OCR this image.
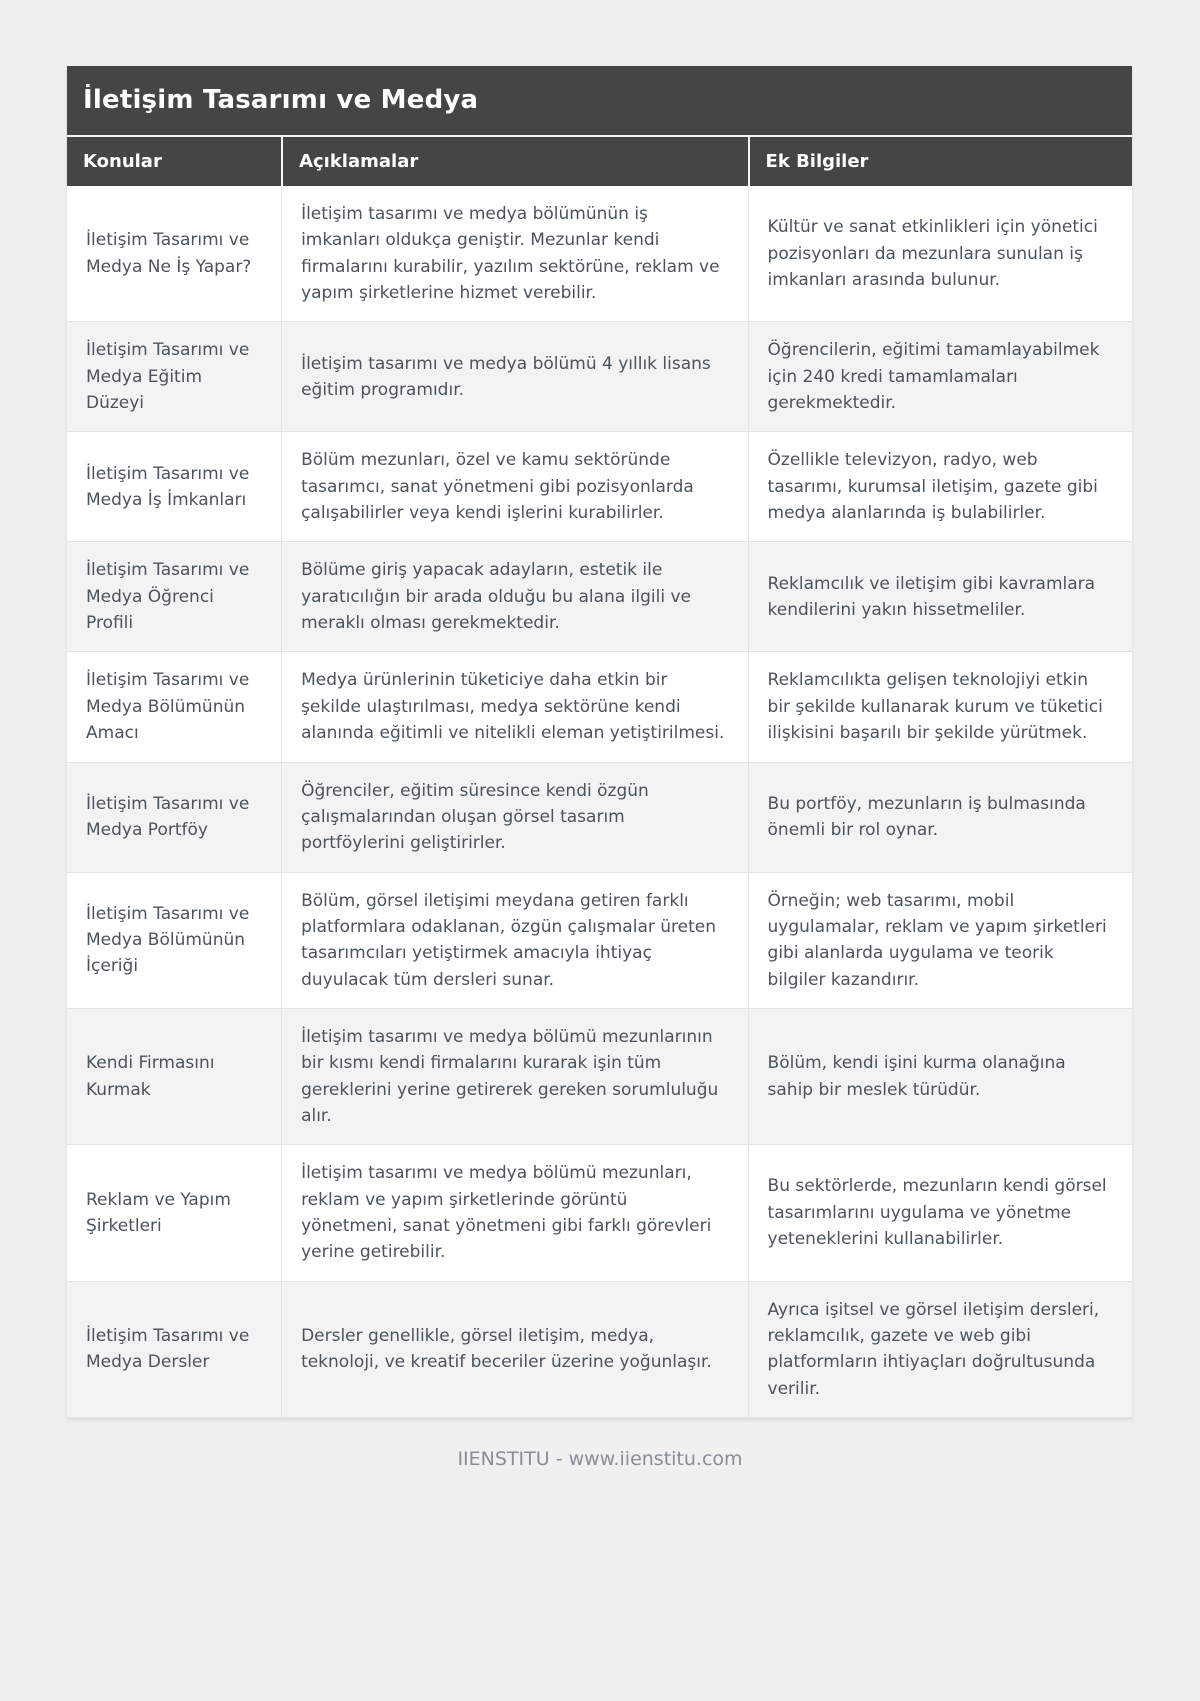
İletişim Tasarımı ve Medya
Konular	Açıklamalar	Ek Bilgiler
İletişim Tasarımı ve Medya Ne İş Yapar?	İletişim tasarımı ve medya bölümünün iş imkanları oldukça geniştir. Mezunlar kendi firmalarını kurabilir, yazılım sektörüne, reklam ve yapım şirketlerine hizmet verebilir.	Kültür ve sanat etkinlikleri için yönetici pozisyonları da mezunlara sunulan iş imkanları arasında bulunur.
İletişim Tasarımı ve Medya Eğitim Düzeyi	İletişim tasarımı ve medya bölümü 4 yıllık lisans eğitim programıdır.	Öğrencilerin, eğitimi tamamlayabilmek için 240 kredi tamamlamaları gerekmektedir.
İletişim Tasarımı ve Medya İş İmkanları	Bölüm mezunları, özel ve kamu sektöründe tasarımcı, sanat yönetmeni gibi pozisyonlarda çalışabilirler veya kendi işlerini kurabilirler.	Özellikle televizyon, radyo, web tasarımı, kurumsal iletişim, gazete gibi medya alanlarında iş bulabilirler.
İletişim Tasarımı ve Medya Öğrenci Profili	Bölüme giriş yapacak adayların, estetik ile yaratıcılığın bir arada olduğu bu alana ilgili ve meraklı olması gerekmektedir.	Reklamcılık ve iletişim gibi kavramlara kendilerini yakın hissetmeliler.
İletişim Tasarımı ve Medya Bölümünün Amacı	Medya ürünlerinin tüketiciye daha etkin bir şekilde ulaştırılması, medya sektörüne kendi alanında eğitimli ve nitelikli eleman yetiştirilmesi.	Reklamcılıkta gelişen teknolojiyi etkin bir şekilde kullanarak kurum ve tüketici ilişkisini başarılı bir şekilde yürütmek.
İletişim Tasarımı ve Medya Portföy	Öğrenciler, eğitim süresince kendi özgün çalışmalarından oluşan görsel tasarım portföylerini geliştirirler.	Bu portföy, mezunların iş bulmasında önemli bir rol oynar.
İletişim Tasarımı ve Medya Bölümünün İçeriği	Bölüm, görsel iletişimi meydana getiren farklı platformlara odaklanan, özgün çalışmalar üreten tasarımcıları yetiştirmek amacıyla ihtiyaç duyulacak tüm dersleri sunar.	Örneğin; web tasarımı, mobil uygulamalar, reklam ve yapım şirketleri gibi alanlarda uygulama ve teorik bilgiler kazandırır.
Kendi Firmasını Kurmak	İletişim tasarımı ve medya bölümü mezunlarının bir kısmı kendi firmalarını kurarak işin tüm gereklerini yerine getirerek gereken sorumluluğu alır.	Bölüm, kendi işini kurma olanağına sahip bir meslek türüdür.
Reklam ve Yapım Şirketleri	İletişim tasarımı ve medya bölümü mezunları, reklam ve yapım şirketlerinde görüntü yönetmeni, sanat yönetmeni gibi farklı görevleri yerine getirebilir.	Bu sektörlerde, mezunların kendi görsel tasarımlarını uygulama ve yönetme yeteneklerini kullanabilirler.
İletişim Tasarımı ve Medya Dersler	Dersler genellikle, görsel iletişim, medya, teknoloji, ve kreatif beceriler üzerine yoğunlaşır.	Ayrıca işitsel ve görsel iletişim dersleri, reklamcılık, gazete ve web gibi platformların ihtiyaçları doğrultusunda verilir.
IIENSTITU - www.iienstitu.com
